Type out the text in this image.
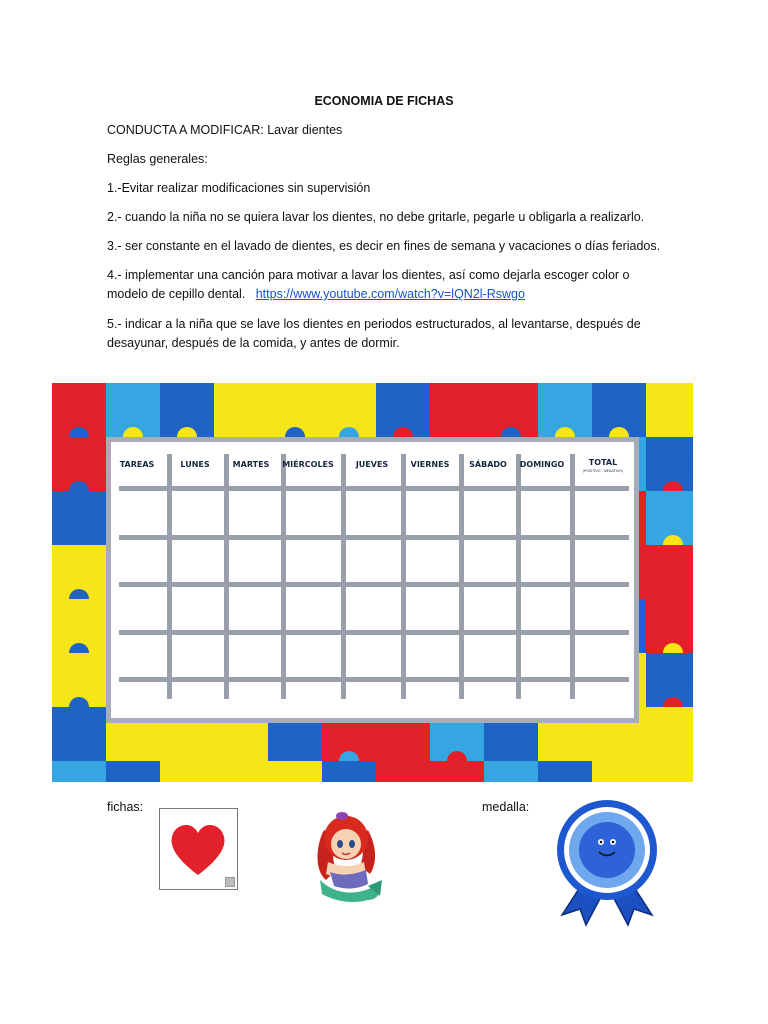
ECONOMIA DE FICHAS
CONDUCTA A MODIFICAR: Lavar dientes
Reglas generales:
1.-Evitar realizar modificaciones sin supervisión
2.- cuando la niña no se quiera lavar los dientes, no debe gritarle, pegarle u obligarla a realizarlo.
3.- ser constante en el lavado de dientes, es decir en fines de semana y vacaciones o días feriados.
4.- implementar una canción para motivar a lavar los dientes, así como dejarla escoger color o
modelo de cepillo dental. https://www.youtube.com/watch?v=lQN2l-Rswgo
5.- indicar a la niña que se lave los dientes en periodos estructurados, al levantarse, después de
desayunar, después de la comida, y antes de dormir.
TAREAS	LUNES	MARTES MIÉRCOLES	JUEVES	VIERNES SÁBADO DOMINGO	TOTAL
(POSITIVO - NEGATIVO)
fichas:	medalla:
